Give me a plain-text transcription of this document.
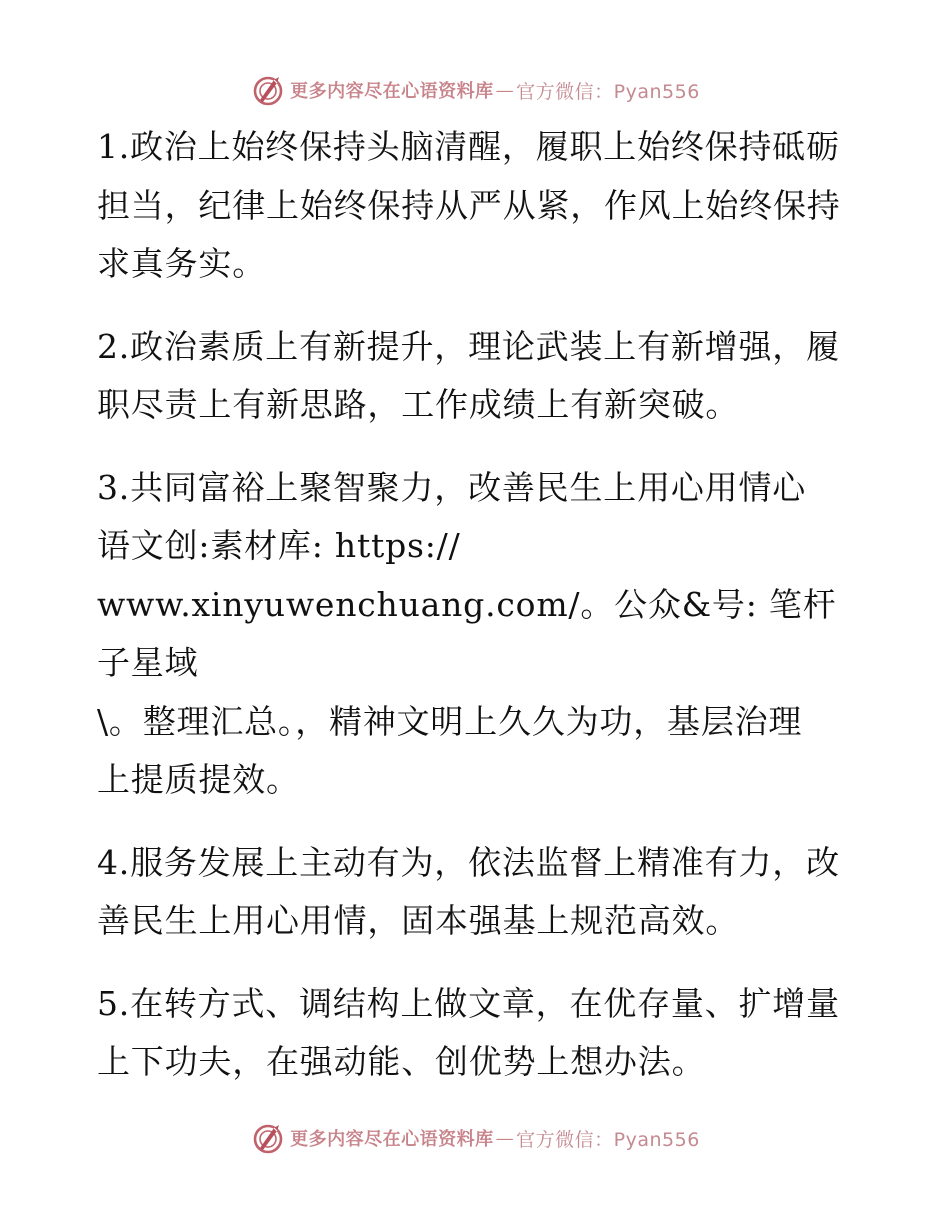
更多内容尽在心语资料库 — 官方微信：Pyan556

1.政治上始终保持头脑清醒，履职上始终保持砥砺担当，纪律上始终保持从严从紧，作风上始终保持求真务实。

2.政治素质上有新提升，理论武装上有新增强，履职尽责上有新思路，工作成绩上有新突破。

3.共同富裕上聚智聚力，改善民生上用心用情心
语文创:素材库: https://
www.xinyuwenchuang.com/。公众&号: 笔杆子星域
\。整理汇总。，精神文明上久久为功，基层治理
上提质提效。

4.服务发展上主动有为，依法监督上精准有力，改善民生上用心用情，固本强基上规范高效。

5.在转方式、调结构上做文章，在优存量、扩增量上下功夫，在强动能、创优势上想办法。

更多内容尽在心语资料库 — 官方微信：Pyan556
